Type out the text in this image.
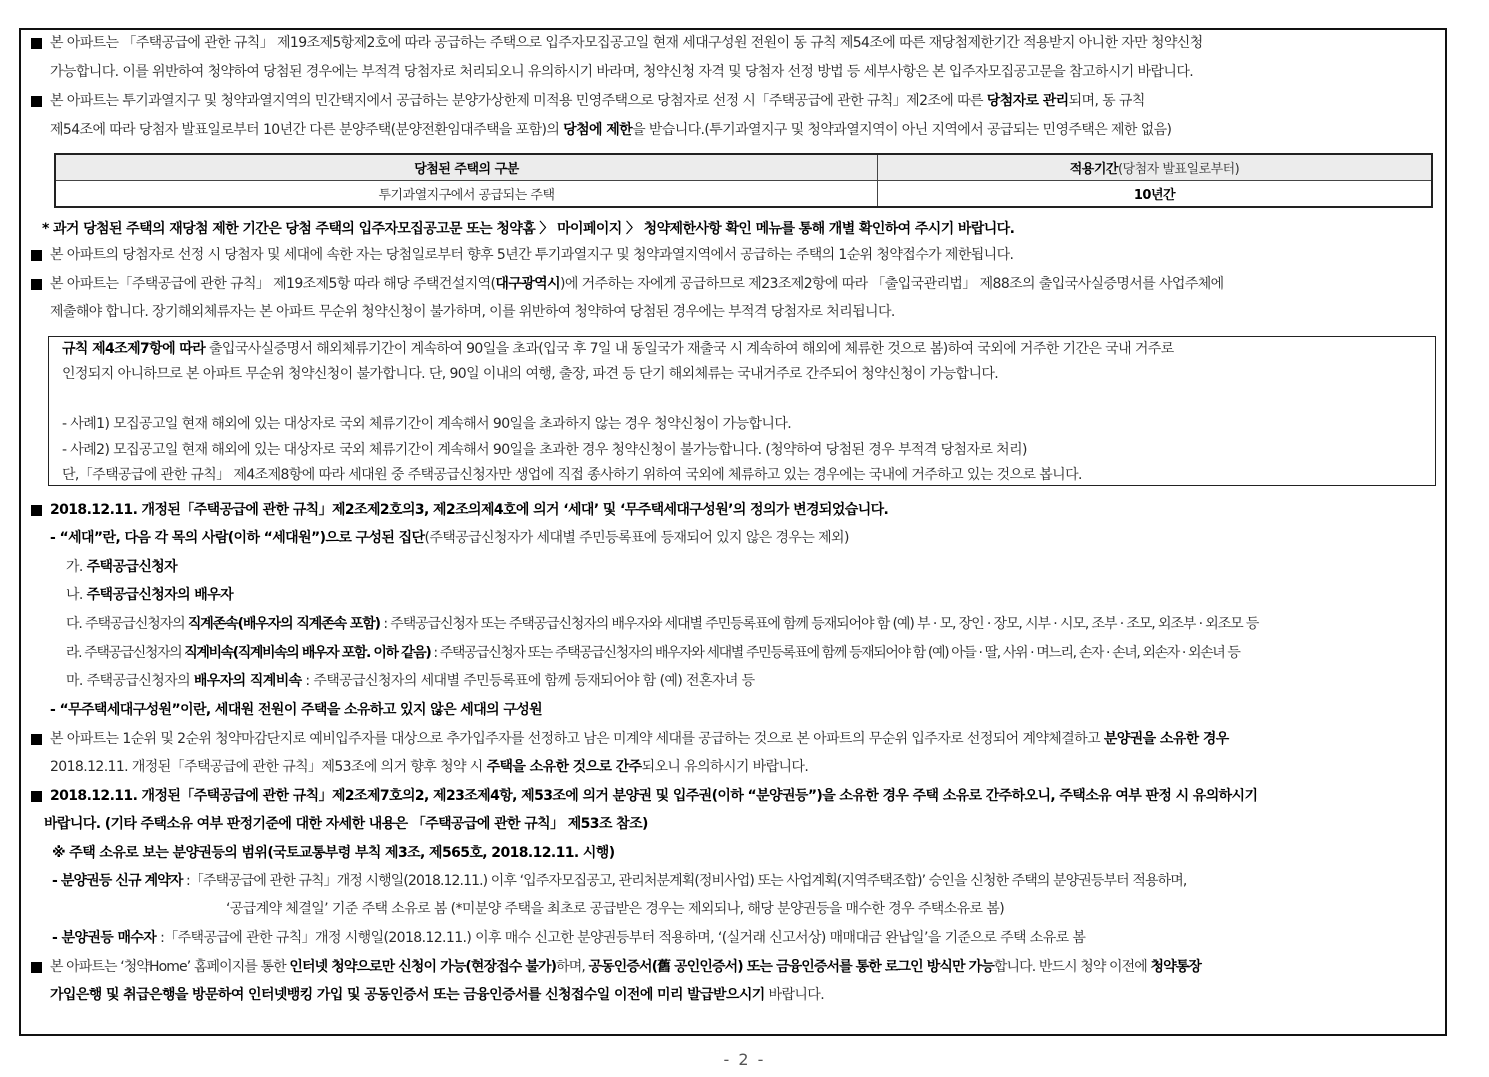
본 아파트는 「주택공급에 관한 규칙」 제19조제5항제2호에 따라 공급하는 주택으로 입주자모집공고일 현재 세대구성원 전원이 동 규칙 제54조에 따른 재당첨제한기간 적용받지 아니한 자만 청약신청
가능합니다. 이를 위반하여 청약하여 당첨된 경우에는 부적격 당첨자로 처리되오니 유의하시기 바라며, 청약신청 자격 및 당첨자 선정 방법 등 세부사항은 본 입주자모집공고문을 참고하시기 바랍니다.
본 아파트는 투기과열지구 및 청약과열지역의 민간택지에서 공급하는 분양가상한제 미적용 민영주택으로 당첨자로 선정 시「주택공급에 관한 규칙」제2조에 따른 당첨자로 관리되며, 동 규칙
제54조에 따라 당첨자 발표일로부터 10년간 다른 분양주택(분양전환임대주택을 포함)의 당첨에 제한을 받습니다.(투기과열지구 및 청약과열지역이 아닌 지역에서 공급되는 민영주택은 제한 없음)
당첨된 주택의 구분	적용기간(당첨자 발표일로부터)
투기과열지구에서 공급되는 주택	10년간
* 과거 당첨된 주택의 재당첨 제한 기간은 당첨 주택의 입주자모집공고문 또는 청약홈 〉 마이페이지 〉 청약제한사항 확인 메뉴를 통해 개별 확인하여 주시기 바랍니다.
본 아파트의 당첨자로 선정 시 당첨자 및 세대에 속한 자는 당첨일로부터 향후 5년간 투기과열지구 및 청약과열지역에서 공급하는 주택의 1순위 청약접수가 제한됩니다.
본 아파트는「주택공급에 관한 규칙」 제19조제5항 따라 해당 주택건설지역(대구광역시)에 거주하는 자에게 공급하므로 제23조제2항에 따라 「출입국관리법」 제88조의 출입국사실증명서를 사업주체에
제출해야 합니다. 장기해외체류자는 본 아파트 무순위 청약신청이 불가하며, 이를 위반하여 청약하여 당첨된 경우에는 부적격 당첨자로 처리됩니다.
규칙 제4조제7항에 따라 출입국사실증명서 해외체류기간이 계속하여 90일을 초과(입국 후 7일 내 동일국가 재출국 시 계속하여 해외에 체류한 것으로 봄)하여 국외에 거주한 기간은 국내 거주로
인정되지 아니하므로 본 아파트 무순위 청약신청이 불가합니다. 단, 90일 이내의 여행, 출장, 파견 등 단기 해외체류는 국내거주로 간주되어 청약신청이 가능합니다.
- 사례1) 모집공고일 현재 해외에 있는 대상자로 국외 체류기간이 계속해서 90일을 초과하지 않는 경우 청약신청이 가능합니다.
- 사례2) 모집공고일 현재 해외에 있는 대상자로 국외 체류기간이 계속해서 90일을 초과한 경우 청약신청이 불가능합니다. (청약하여 당첨된 경우 부적격 당첨자로 처리)
단,「주택공급에 관한 규칙」 제4조제8항에 따라 세대원 중 주택공급신청자만 생업에 직접 종사하기 위하여 국외에 체류하고 있는 경우에는 국내에 거주하고 있는 것으로 봅니다.
2018.12.11. 개정된「주택공급에 관한 규칙」제2조제2호의3, 제2조의제4호에 의거 ‘세대’ 및 ‘무주택세대구성원’의 정의가 변경되었습니다.
- “세대”란, 다음 각 목의 사람(이하 “세대원”)으로 구성된 집단(주택공급신청자가 세대별 주민등록표에 등재되어 있지 않은 경우는 제외)
가. 주택공급신청자
나. 주택공급신청자의 배우자
다. 주택공급신청자의 직계존속(배우자의 직계존속 포함) : 주택공급신청자 또는 주택공급신청자의 배우자와 세대별 주민등록표에 함께 등재되어야 함 (예) 부 · 모, 장인 · 장모, 시부 · 시모, 조부 · 조모, 외조부 · 외조모 등
라. 주택공급신청자의 직계비속(직계비속의 배우자 포함. 이하 같음) : 주택공급신청자 또는 주택공급신청자의 배우자와 세대별 주민등록표에 함께 등재되어야 함 (예) 아들 · 딸, 사위 · 며느리, 손자 · 손녀, 외손자 · 외손녀 등
마. 주택공급신청자의 배우자의 직계비속 : 주택공급신청자의 세대별 주민등록표에 함께 등재되어야 함 (예) 전혼자녀 등
- “무주택세대구성원”이란, 세대원 전원이 주택을 소유하고 있지 않은 세대의 구성원
본 아파트는 1순위 및 2순위 청약마감단지로 예비입주자를 대상으로 추가입주자를 선정하고 남은 미계약 세대를 공급하는 것으로 본 아파트의 무순위 입주자로 선정되어 계약체결하고 분양권을 소유한 경우
2018.12.11. 개정된「주택공급에 관한 규칙」제53조에 의거 향후 청약 시 주택을 소유한 것으로 간주되오니 유의하시기 바랍니다.
2018.12.11. 개정된「주택공급에 관한 규칙」제2조제7호의2, 제23조제4항, 제53조에 의거 분양권 및 입주권(이하 “분양권등”)을 소유한 경우 주택 소유로 간주하오니, 주택소유 여부 판정 시 유의하시기
바랍니다. (기타 주택소유 여부 판정기준에 대한 자세한 내용은 「주택공급에 관한 규칙」 제53조 참조)
※ 주택 소유로 보는 분양권등의 범위(국토교통부령 부칙 제3조, 제565호, 2018.12.11. 시행)
- 분양권등 신규 계약자 :「주택공급에 관한 규칙」개정 시행일(2018.12.11.) 이후 ‘입주자모집공고, 관리처분계획(정비사업) 또는 사업계획(지역주택조합)’ 승인을 신청한 주택의 분양권등부터 적용하며,
‘공급계약 체결일’ 기준 주택 소유로 봄 (*미분양 주택을 최초로 공급받은 경우는 제외되나, 해당 분양권등을 매수한 경우 주택소유로 봄)
- 분양권등 매수자 :「주택공급에 관한 규칙」개정 시행일(2018.12.11.) 이후 매수 신고한 분양권등부터 적용하며, ‘(실거래 신고서상) 매매대금 완납일’을 기준으로 주택 소유로 봄
본 아파트는 ‘청약Home’ 홈페이지를 통한 인터넷 청약으로만 신청이 가능(현장접수 불가)하며, 공동인증서(舊 공인인증서) 또는 금융인증서를 통한 로그인 방식만 가능합니다. 반드시 청약 이전에 청약통장
가입은행 및 취급은행을 방문하여 인터넷뱅킹 가입 및 공동인증서 또는 금융인증서를 신청접수일 이전에 미리 발급받으시기 바랍니다.
- 2 -
